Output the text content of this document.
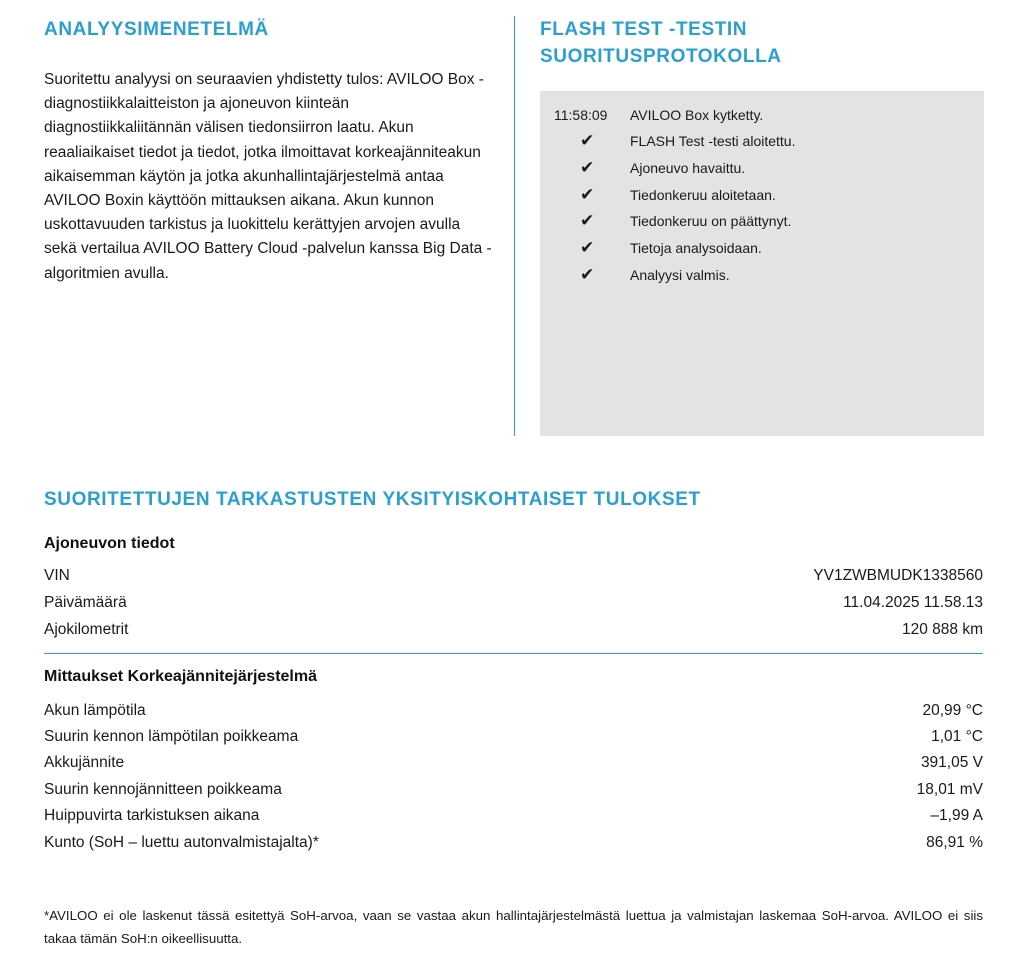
ANALYYSIMENETELMÄ
Suoritettu analyysi on seuraavien yhdistetty tulos: AVILOO Box -diagnostiikkalaitteiston ja ajoneuvon kiinteän diagnostiikkaliitännän välisen tiedonsiirron laatu. Akun reaaliaikaiset tiedot ja tiedot, jotka ilmoittavat korkeajänniteakun aikaisemman käytön ja jotka akunhallintajärjestelmä antaa AVILOO Boxin käyttöön mittauksen aikana. Akun kunnon uskottavuuden tarkistus ja luokittelu kerättyjen arvojen avulla sekä vertailua AVILOO Battery Cloud -palvelun kanssa Big Data -algoritmien avulla.
FLASH TEST -TESTIN
SUORITUSPROTOKOLLA
11:58:09	AVILOO Box kytketty.
✔	FLASH Test -testi aloitettu.
✔	Ajoneuvo havaittu.
✔	Tiedonkeruu aloitetaan.
✔	Tiedonkeruu on päättynyt.
✔	Tietoja analysoidaan.
✔	Analyysi valmis.
SUORITETTUJEN TARKASTUSTEN YKSITYISKOHTAISET TULOKSET
Ajoneuvon tiedot
VIN	YV1ZWBMUDK1338560
Päivämäärä	11.04.2025 11.58.13
Ajokilometrit	120 888 km
Mittaukset Korkeajännitejärjestelmä
Akun lämpötila	20,99 °C
Suurin kennon lämpötilan poikkeama	1,01 °C
Akkujännite	391,05 V
Suurin kennojännitteen poikkeama	18,01 mV
Huippuvirta tarkistuksen aikana	–1,99 A
Kunto (SoH – luettu autonvalmistajalta)*	86,91 %
*AVILOO ei ole laskenut tässä esitettyä SoH-arvoa, vaan se vastaa akun hallintajärjestelmästä luettua ja valmistajan laskemaa SoH-arvoa. AVILOO ei siis takaa tämän SoH:n oikeellisuutta.
